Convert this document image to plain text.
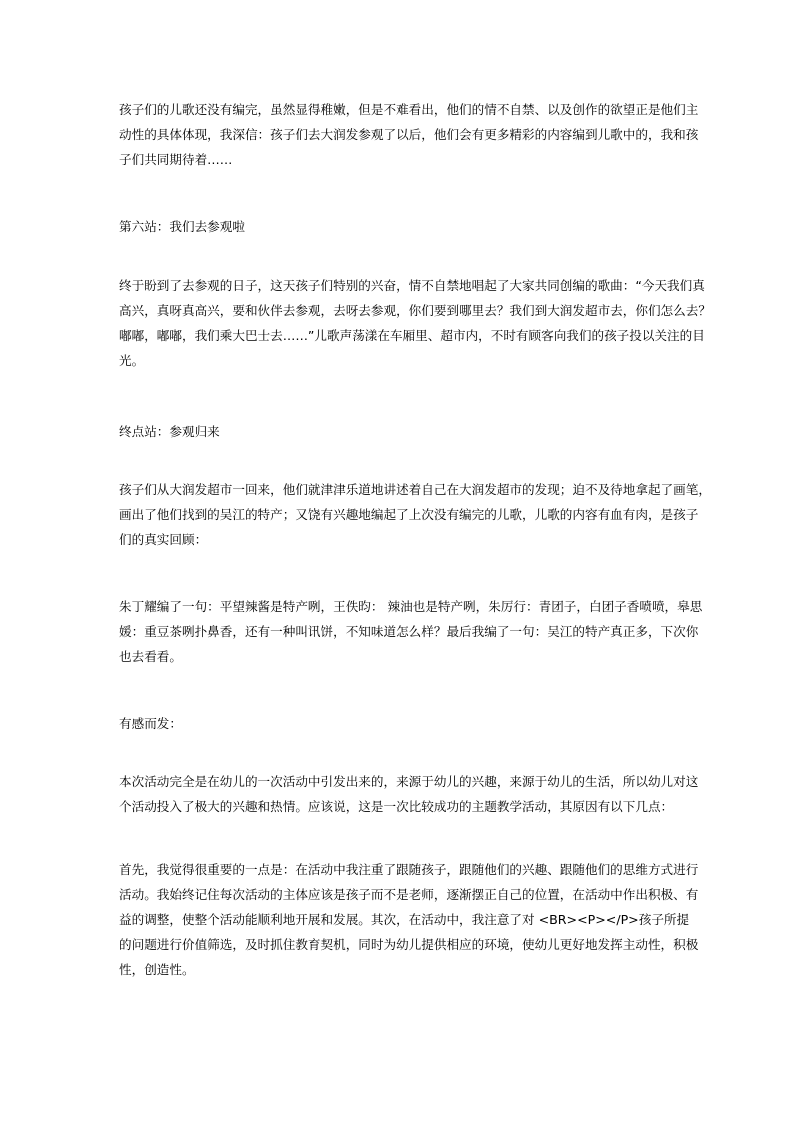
孩子们的儿歌还没有编完，虽然显得稚嫩，但是不难看出，他们的情不自禁、以及创作的欲望正是他们主
动性的具体体现，我深信：孩子们去大润发参观了以后，他们会有更多精彩的内容编到儿歌中的，我和孩
子们共同期待着……
第六站：我们去参观啦
终于盼到了去参观的日子，这天孩子们特别的兴奋，情不自禁地唱起了大家共同创编的歌曲：“今天我们真
高兴，真呀真高兴，要和伙伴去参观，去呀去参观，你们要到哪里去？我们到大润发超市去，你们怎么去？
嘟嘟，嘟嘟，我们乘大巴士去……”儿歌声荡漾在车厢里、超市内，不时有顾客向我们的孩子投以关注的目
光。
终点站：参观归来
孩子们从大润发超市一回来，他们就津津乐道地讲述着自己在大润发超市的发现；迫不及待地拿起了画笔，
画出了他们找到的吴江的特产；又饶有兴趣地编起了上次没有编完的儿歌，儿歌的内容有血有肉，是孩子
们的真实回顾：
朱丁耀编了一句：平望辣酱是特产咧，王佚昀： 辣油也是特产咧，朱厉行：青团子，白团子香喷喷，皋思
媛：重豆茶咧扑鼻香，还有一种叫讯饼，不知味道怎么样？最后我编了一句：吴江的特产真正多，下次你
也去看看。
有感而发：
本次活动完全是在幼儿的一次活动中引发出来的，来源于幼儿的兴趣，来源于幼儿的生活，所以幼儿对这
个活动投入了极大的兴趣和热情。应该说，这是一次比较成功的主题教学活动，其原因有以下几点：
首先，我觉得很重要的一点是：在活动中我注重了跟随孩子，跟随他们的兴趣、跟随他们的思维方式进行
活动。我始终记住每次活动的主体应该是孩子而不是老师，逐渐摆正自己的位置，在活动中作出积极、有
益的调整，使整个活动能顺利地开展和发展。其次，在活动中，我注意了对 <BR><P></P>孩子所提
的问题进行价值筛选，及时抓住教育契机，同时为幼儿提供相应的环境，使幼儿更好地发挥主动性，积极
性，创造性。
